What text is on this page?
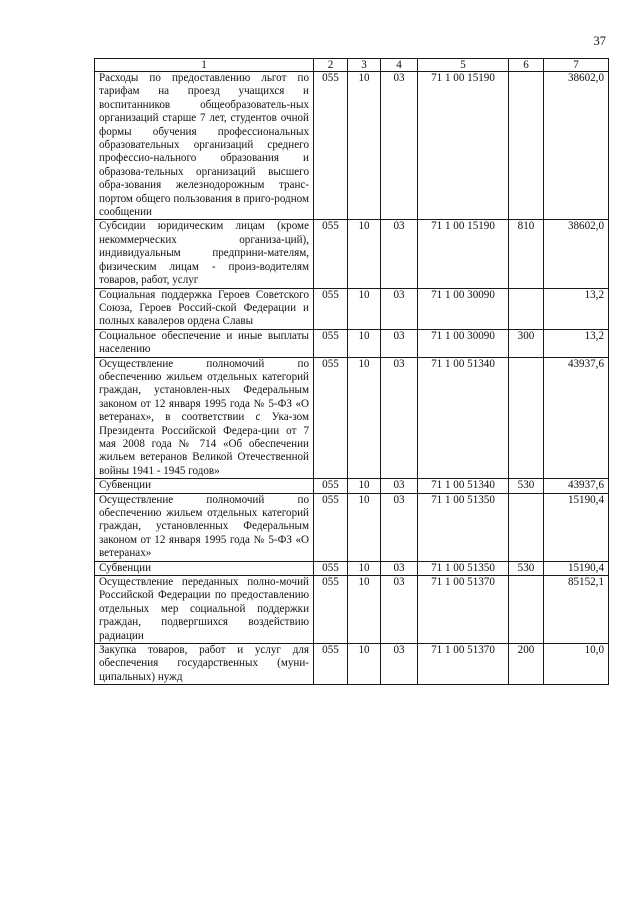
37
1	2	3	4	5	6	7
Расходы по предоставлению льгот по тарифам на проезд учащихся и воспитанников общеобразователь-ных организаций старше 7 лет, студентов очной формы обучения профессиональных образовательных организаций среднего профессио-нального образования и образова-тельных организаций высшего обра-зования железнодорожным транс-портом общего пользования в приго-родном сообщении	055	10	03	71 1 00 15190		38602,0
Субсидии юридическим лицам (кроме некоммерческих организа-ций), индивидуальным предприни-мателям, физическим лицам - произ-водителям товаров, работ, услуг	055	10	03	71 1 00 15190	810	38602,0
Социальная поддержка Героев Советского Союза, Героев Россий-ской Федерации и полных кавалеров ордена Славы	055	10	03	71 1 00 30090		13,2
Социальное обеспечение и иные выплаты населению	055	10	03	71 1 00 30090	300	13,2
Осуществление полномочий по обеспечению жильем отдельных категорий граждан, установлен-ных Федеральным законом от 12 января 1995 года № 5-ФЗ «О ветеранах», в соответствии с Ука-зом Президента Российской Федера-ции от 7 мая 2008 года № 714 «Об обеспечении жильем ветеранов Великой Отечественной войны 1941 - 1945 годов»	055	10	03	71 1 00 51340		43937,6
Субвенции	055	10	03	71 1 00 51340	530	43937,6
Осуществление полномочий по обеспечению жильем отдельных категорий граждан, установленных Федеральным законом от 12 января 1995 года № 5-ФЗ «О ветеранах»	055	10	03	71 1 00 51350		15190,4
Субвенции	055	10	03	71 1 00 51350	530	15190,4
Осуществление переданных полно-мочий Российской Федерации по предоставлению отдельных мер социальной поддержки граждан, подвергшихся воздействию радиации	055	10	03	71 1 00 51370		85152,1
Закупка товаров, работ и услуг для обеспечения государственных (муни-ципальных) нужд	055	10	03	71 1 00 51370	200	10,0
